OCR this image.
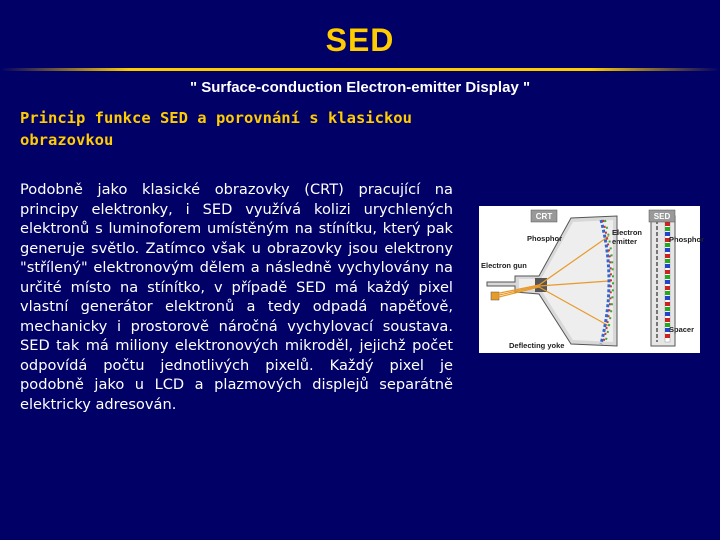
SED
" Surface-conduction Electron-emitter Display "
Princip funkce SED a porovnání s klasickou obrazovkou
Podobně jako klasické obrazovky (CRT) pracující na principy elektronky, i SED využívá kolizi urychlených elektronů s luminoforem umístěným na stínítku, který pak generuje světlo. Zatímco však u obrazovky jsou elektrony "střílený" elektronovým dělem a následně vychylovány na určité místo na stínítko, v případě SED má každý pixel vlastní generátor elektronů a tedy odpadá napěťově, mechanicky i prostorově náročná vychylovací soustava. SED tak má miliony elektronových mikroděl, jejichž počet odpovídá počtu jednotlivých pixelů. Každý pixel je podobně jako u LCD a plazmových displejů separátně elektricky adresován.
CRT	SED
Phosphor	Phosphor
Electron emitter
Electron gun
Deflecting yoke
Spacer
